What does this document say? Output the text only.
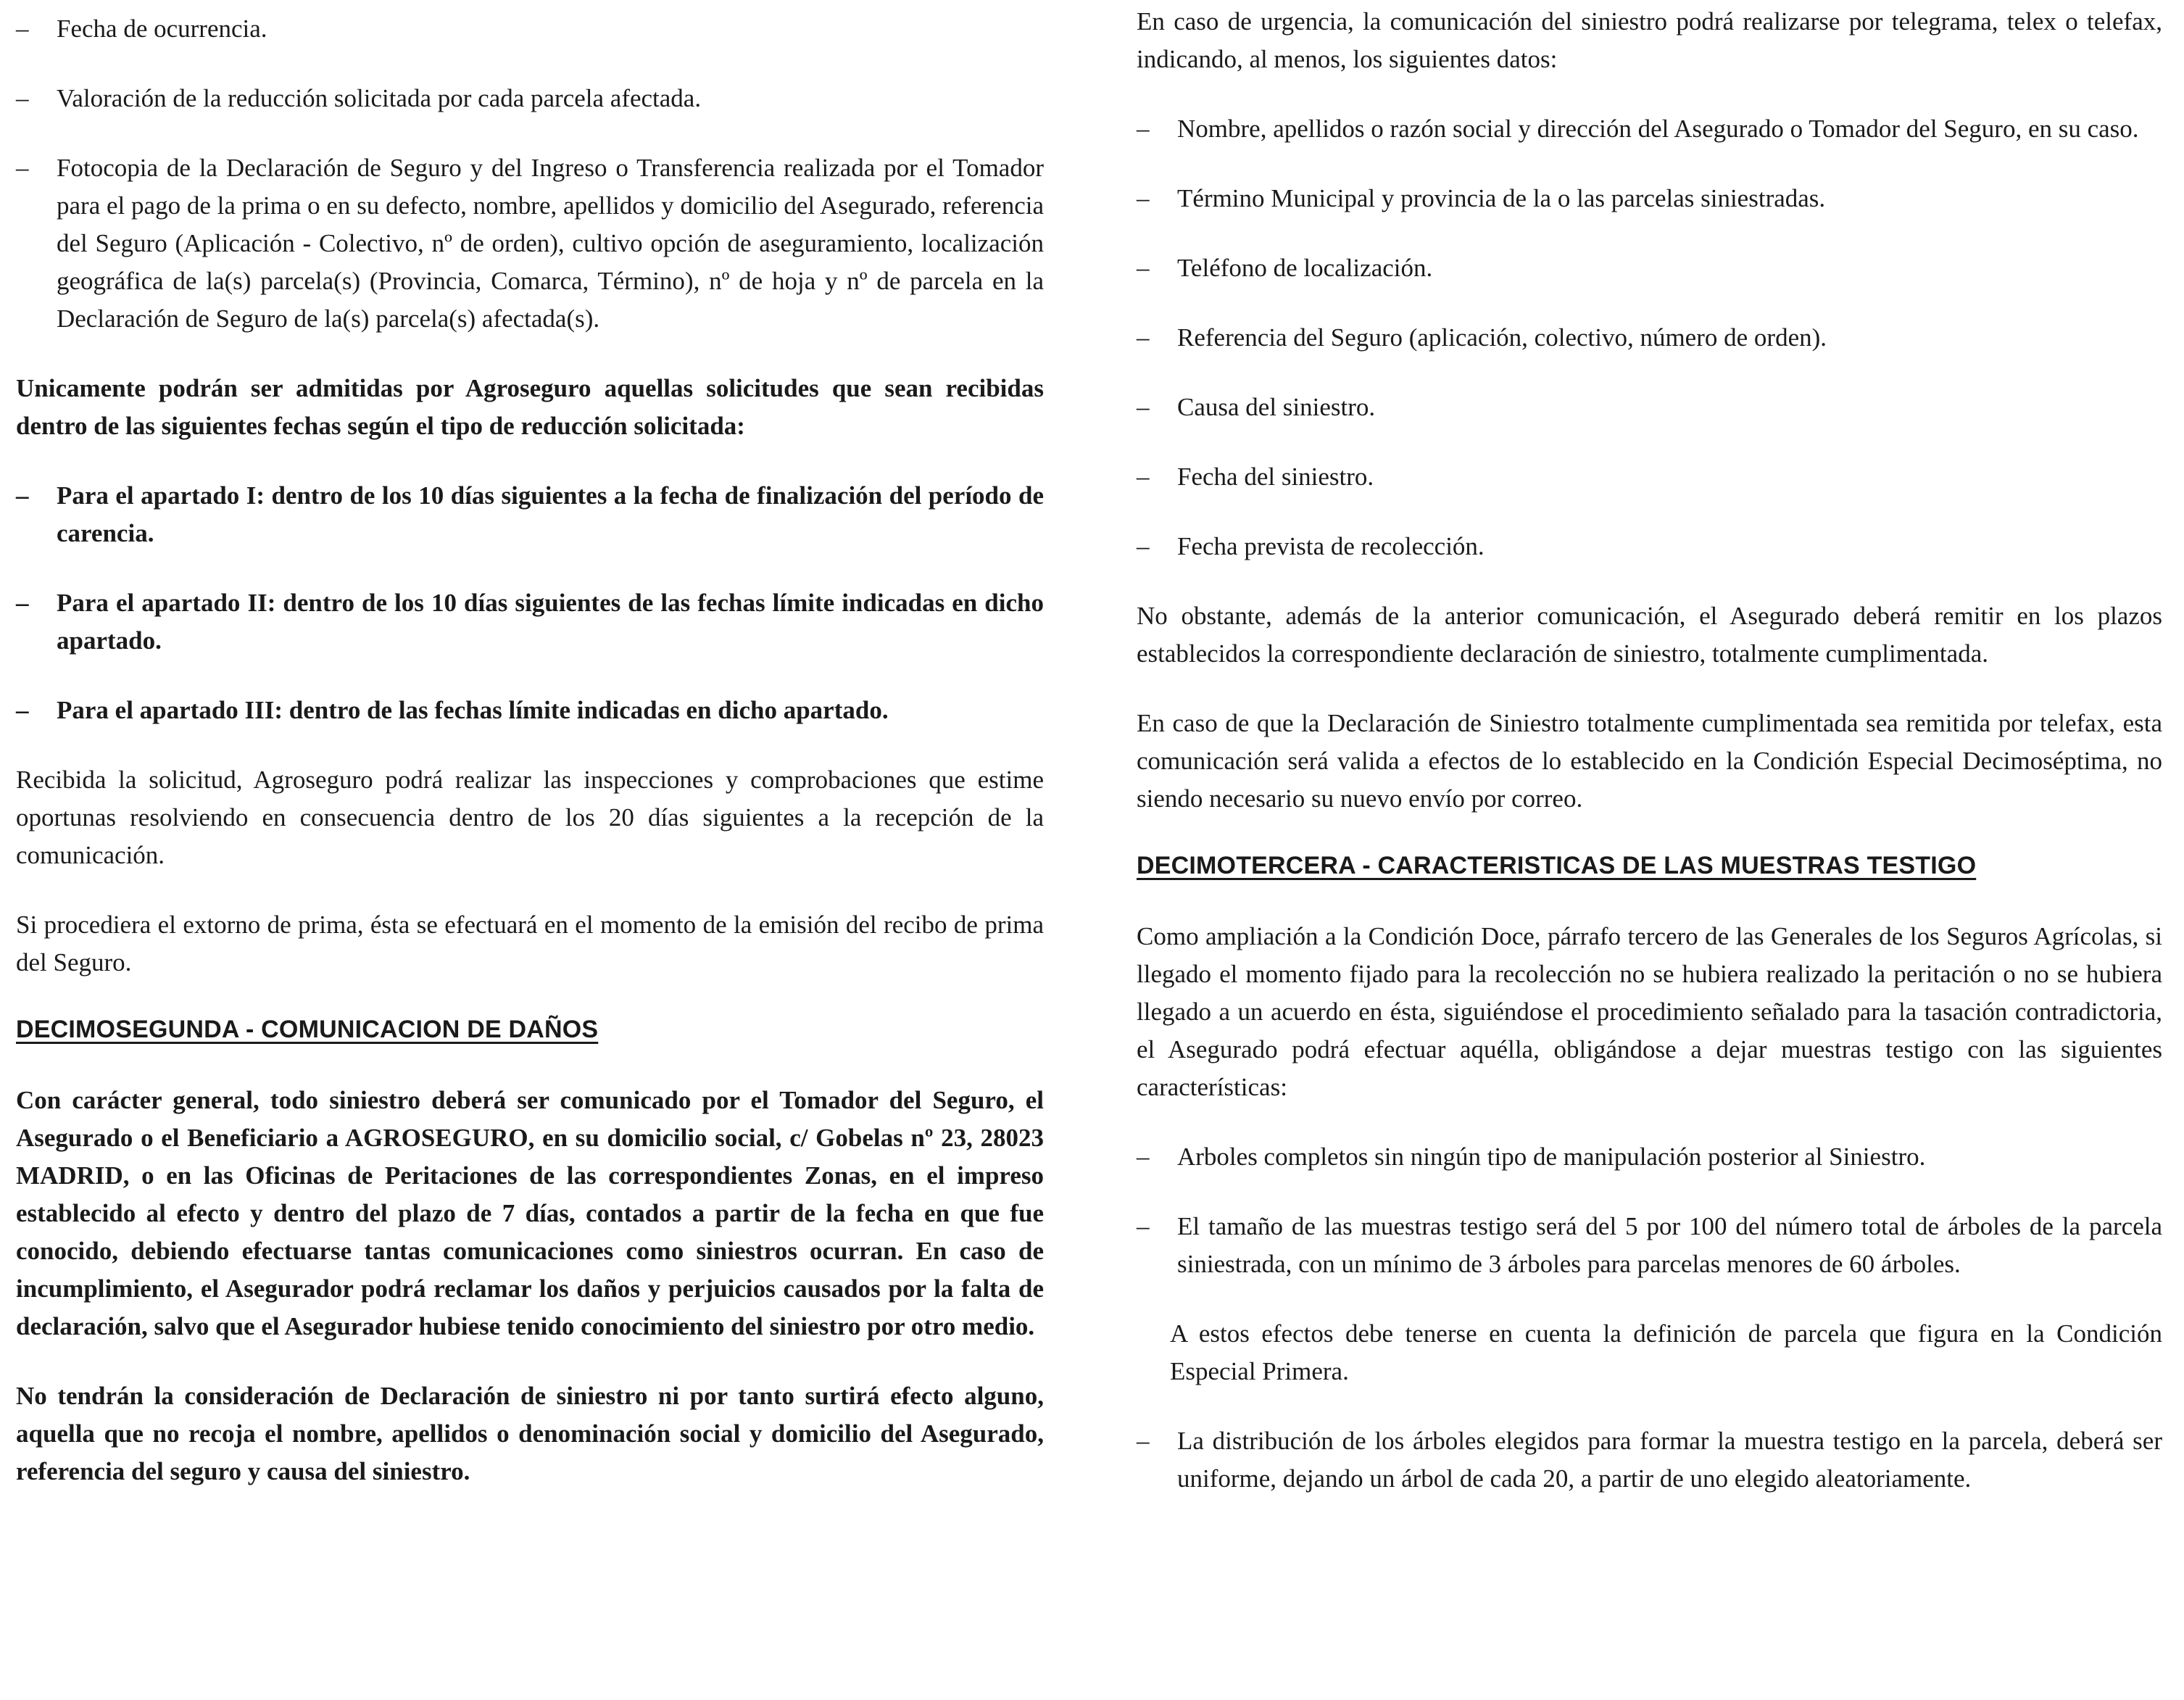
– Fecha de ocurrencia.

– Valoración de la reducción solicitada por cada parcela afectada.

– Fotocopia de la Declaración de Seguro y del Ingreso o Transferencia realizada por el Tomador para el pago de la prima o en su defecto, nombre, apellidos y domicilio del Asegurado, referencia del Seguro (Aplicación - Colectivo, nº de orden), cultivo opción de aseguramiento, localización geográfica de la(s) parcela(s) (Provincia, Comarca, Término), nº de hoja y nº de parcela en la Declaración de Seguro de la(s) parcela(s) afectada(s).

Unicamente podrán ser admitidas por Agroseguro aquellas solicitudes que sean recibidas dentro de las siguientes fechas según el tipo de reducción solicitada:

– Para el apartado I: dentro de los 10 días siguientes a la fecha de finalización del período de carencia.

– Para el apartado II: dentro de los 10 días siguientes de las fechas límite indicadas en dicho apartado.

– Para el apartado III: dentro de las fechas límite indicadas en dicho apartado.

Recibida la solicitud, Agroseguro podrá realizar las inspecciones y comprobaciones que estime oportunas resolviendo en consecuencia dentro de los 20 días siguientes a la recepción de la comunicación.

Si procediera el extorno de prima, ésta se efectuará en el momento de la emisión del recibo de prima del Seguro.

DECIMOSEGUNDA - COMUNICACION DE DAÑOS

Con carácter general, todo siniestro deberá ser comunicado por el Tomador del Seguro, el Asegurado o el Beneficiario a AGROSEGURO, en su domicilio social, c/ Gobelas nº 23, 28023 MADRID, o en las Oficinas de Peritaciones de las correspondientes Zonas, en el impreso establecido al efecto y dentro del plazo de 7 días, contados a partir de la fecha en que fue conocido, debiendo efectuarse tantas comunicaciones como siniestros ocurran. En caso de incumplimiento, el Asegurador podrá reclamar los daños y perjuicios causados por la falta de declaración, salvo que el Asegurador hubiese tenido conocimiento del siniestro por otro medio.

No tendrán la consideración de Declaración de siniestro ni por tanto surtirá efecto alguno, aquella que no recoja el nombre, apellidos o denominación social y domicilio del Asegurado, referencia del seguro y causa del siniestro.

En caso de urgencia, la comunicación del siniestro podrá realizarse por telegrama, telex o telefax, indicando, al menos, los siguientes datos:

– Nombre, apellidos o razón social y dirección del Asegurado o Tomador del Seguro, en su caso.

– Término Municipal y provincia de la o las parcelas siniestradas.

– Teléfono de localización.

– Referencia del Seguro (aplicación, colectivo, número de orden).

– Causa del siniestro.

– Fecha del siniestro.

– Fecha prevista de recolección.

No obstante, además de la anterior comunicación, el Asegurado deberá remitir en los plazos establecidos la correspondiente declaración de siniestro, totalmente cumplimentada.

En caso de que la Declaración de Siniestro totalmente cumplimentada sea remitida por telefax, esta comunicación será valida a efectos de lo establecido en la Condición Especial Decimoséptima, no siendo necesario su nuevo envío por correo.

DECIMOTERCERA - CARACTERISTICAS DE LAS MUESTRAS TESTIGO

Como ampliación a la Condición Doce, párrafo tercero de las Generales de los Seguros Agrícolas, si llegado el momento fijado para la recolección no se hubiera realizado la peritación o no se hubiera llegado a un acuerdo en ésta, siguiéndose el procedimiento señalado para la tasación contradictoria, el Asegurado podrá efectuar aquélla, obligándose a dejar muestras testigo con las siguientes características:

– Arboles completos sin ningún tipo de manipulación posterior al Siniestro.

– El tamaño de las muestras testigo será del 5 por 100 del número total de árboles de la parcela siniestrada, con un mínimo de 3 árboles para parcelas menores de 60 árboles.

A estos efectos debe tenerse en cuenta la definición de parcela que figura en la Condición Especial Primera.

– La distribución de los árboles elegidos para formar la muestra testigo en la parcela, deberá ser uniforme, dejando un árbol de cada 20, a partir de uno elegido aleatoriamente.
